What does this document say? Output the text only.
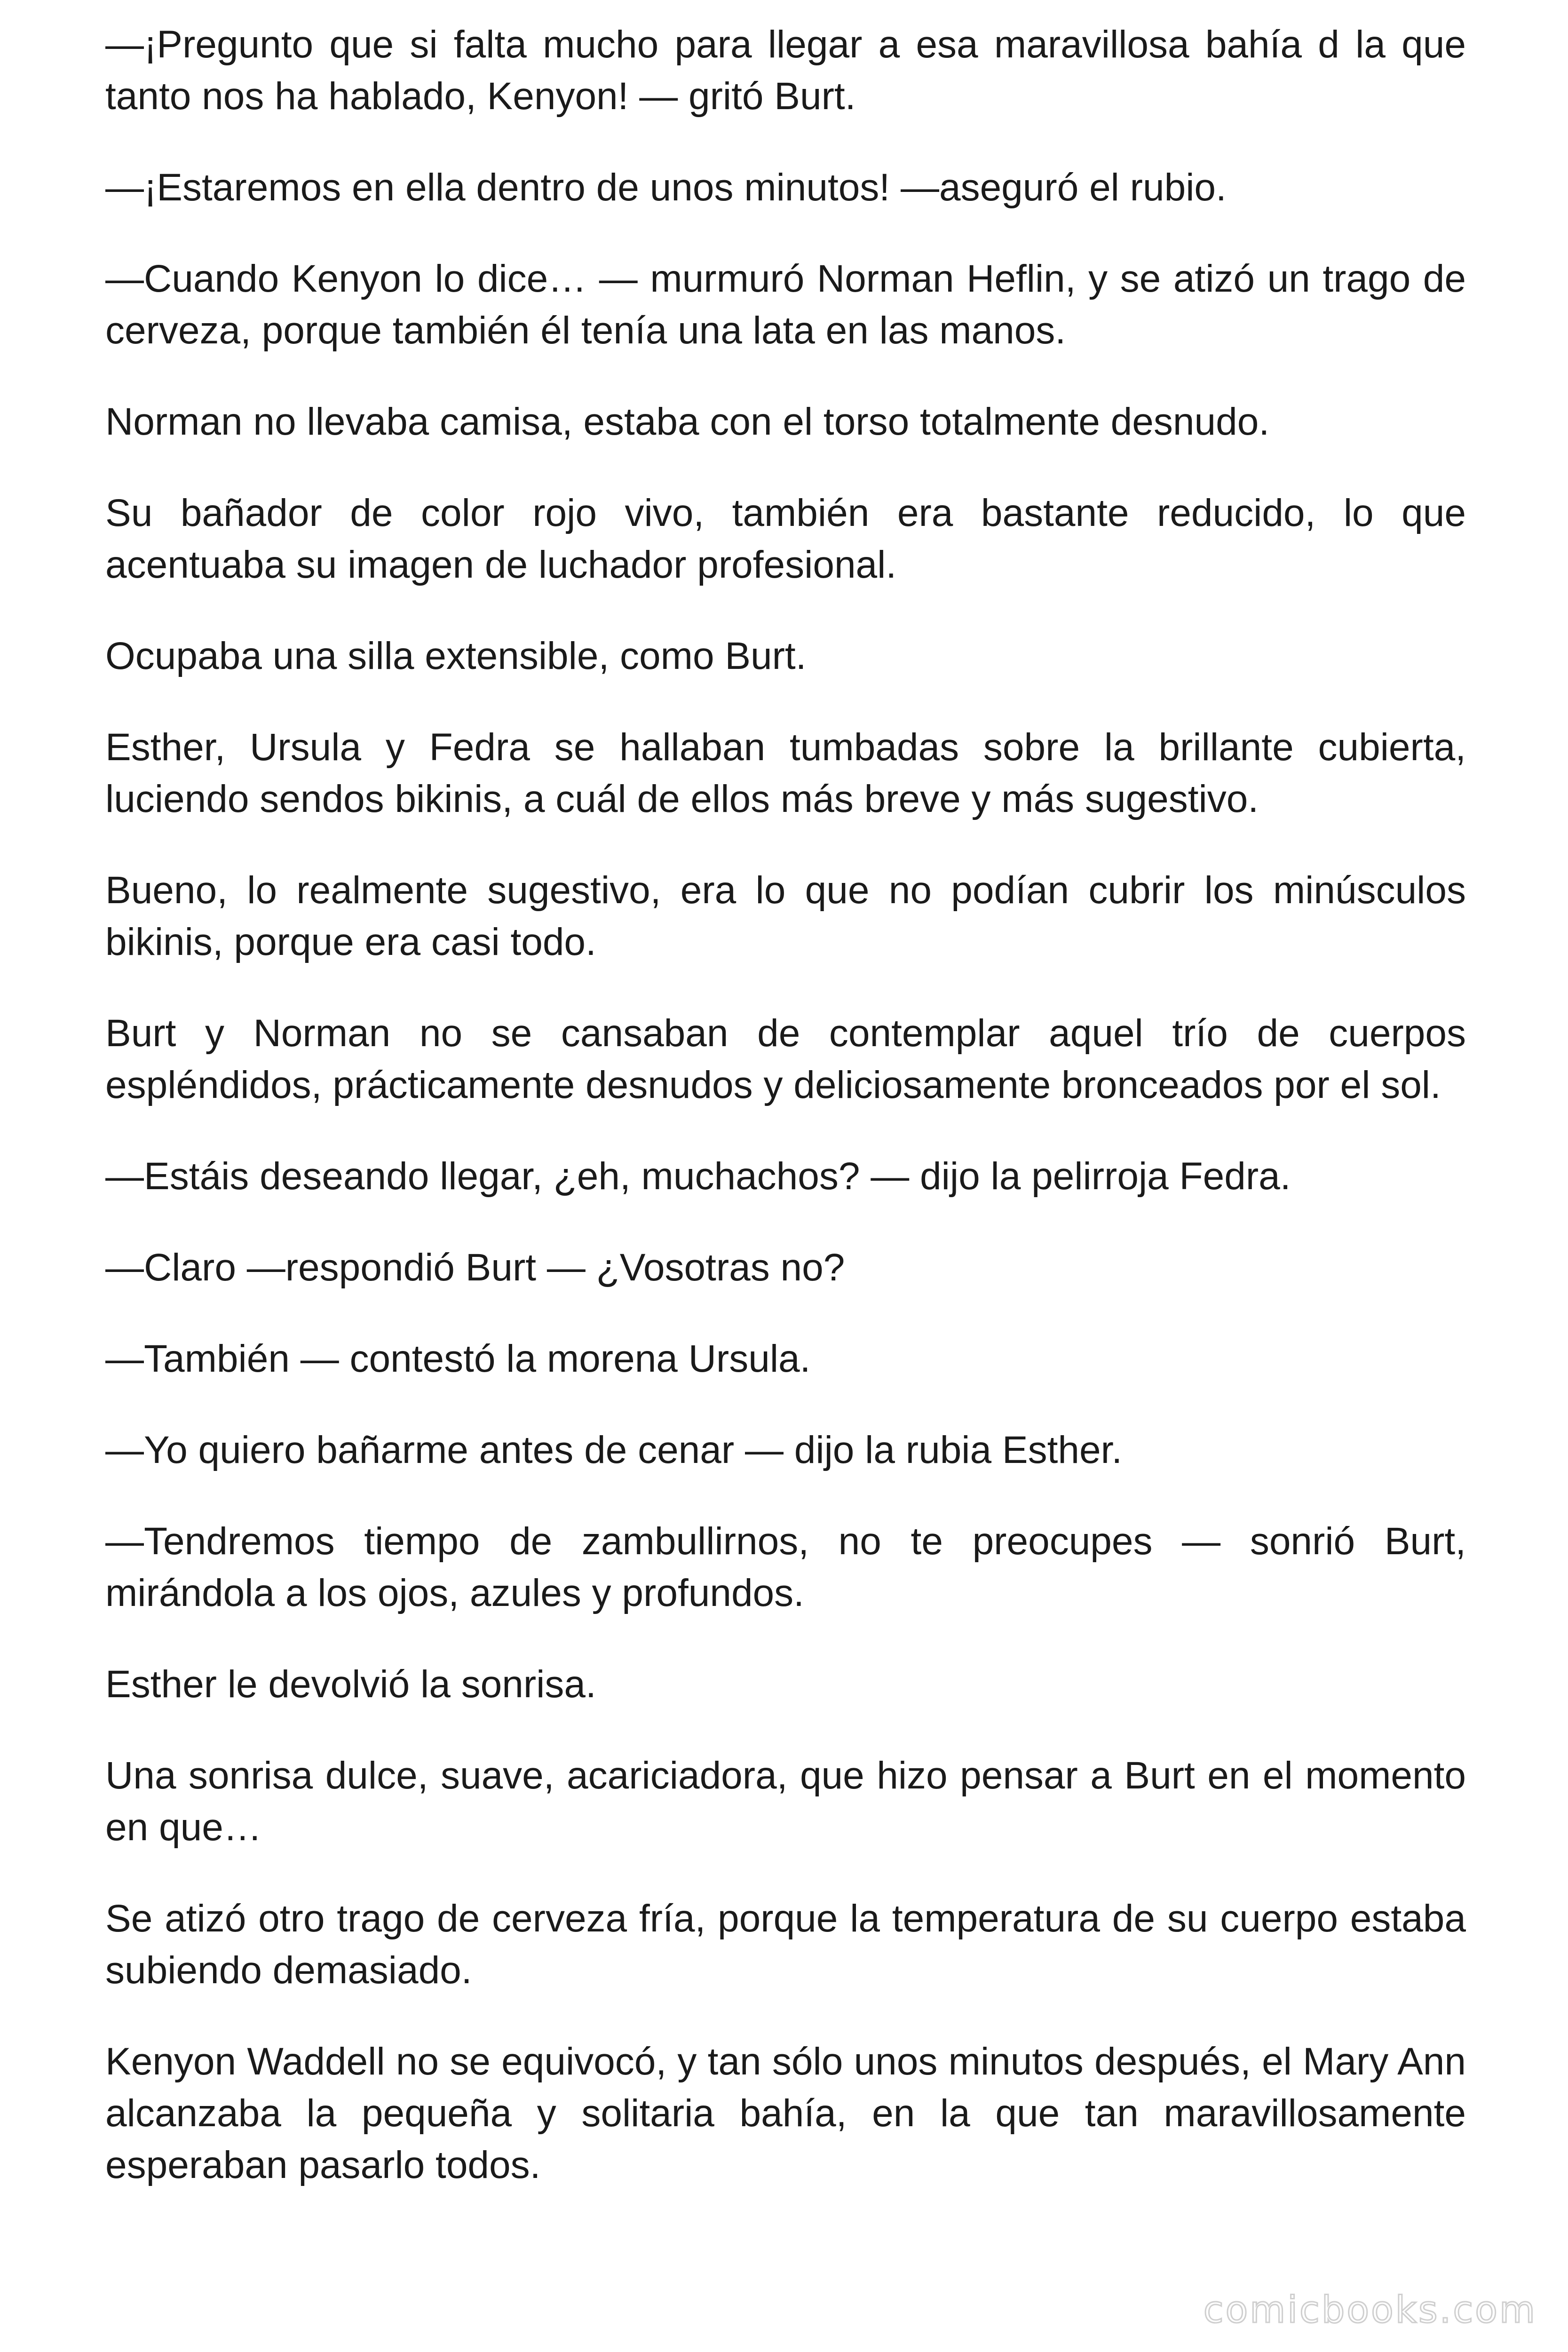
—¡Pregunto que si falta mucho para llegar a esa maravillosa bahía d la que tanto nos ha hablado, Kenyon! — gritó Burt.

—¡Estaremos en ella dentro de unos minutos! —aseguró el rubio.

—Cuando Kenyon lo dice… — murmuró Norman Heflin, y se atizó un trago de cerveza, porque también él tenía una lata en las manos.

Norman no llevaba camisa, estaba con el torso totalmente desnudo.

Su bañador de color rojo vivo, también era bastante reducido, lo que acentuaba su imagen de luchador profesional.

Ocupaba una silla extensible, como Burt.

Esther, Ursula y Fedra se hallaban tumbadas sobre la brillante cubierta, luciendo sendos bikinis, a cuál de ellos más breve y más sugestivo.

Bueno, lo realmente sugestivo, era lo que no podían cubrir los minúsculos bikinis, porque era casi todo.

Burt y Norman no se cansaban de contemplar aquel trío de cuerpos espléndidos, prácticamente desnudos y deliciosamente bronceados por el sol.

—Estáis deseando llegar, ¿eh, muchachos? — dijo la pelirroja Fedra.

—Claro —respondió Burt — ¿Vosotras no?

—También — contestó la morena Ursula.

—Yo quiero bañarme antes de cenar — dijo la rubia Esther.

—Tendremos tiempo de zambullirnos, no te preocupes — sonrió Burt, mirándola a los ojos, azules y profundos.

Esther le devolvió la sonrisa.

Una sonrisa dulce, suave, acariciadora, que hizo pensar a Burt en el momento en que…

Se atizó otro trago de cerveza fría, porque la temperatura de su cuerpo estaba subiendo demasiado.

Kenyon Waddell no se equivocó, y tan sólo unos minutos después, el Mary Ann alcanzaba la pequeña y solitaria bahía, en la que tan maravillosamente esperaban pasarlo todos.

comicbooks.com
